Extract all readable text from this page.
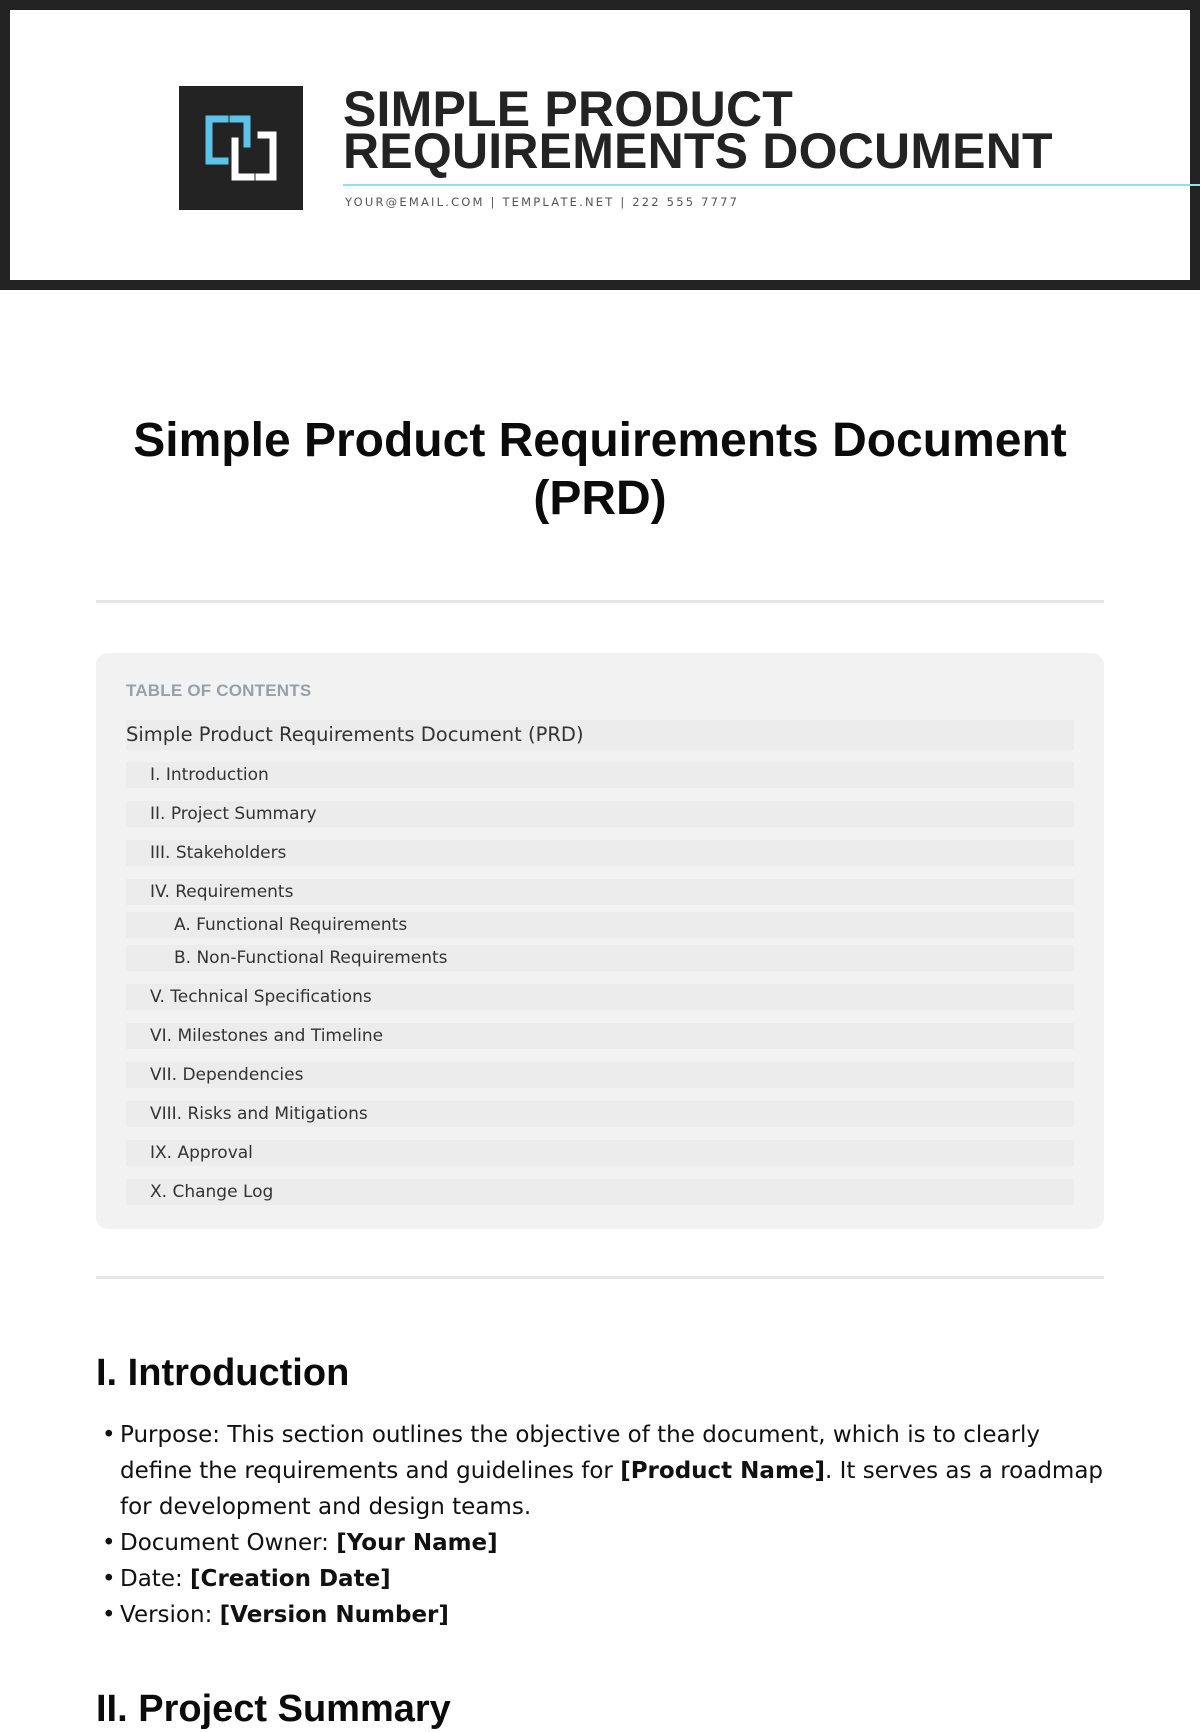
SIMPLE PRODUCT
REQUIREMENTS DOCUMENT
YOUR@EMAIL.COM | TEMPLATE.NET | 222 555 7777
Simple Product Requirements Document (PRD)
TABLE OF CONTENTS
Simple Product Requirements Document (PRD)
I. Introduction
II. Project Summary
III. Stakeholders
IV. Requirements
A. Functional Requirements
B. Non-Functional Requirements
V. Technical Specifications
VI. Milestones and Timeline
VII. Dependencies
VIII. Risks and Mitigations
IX. Approval
X. Change Log
I. Introduction
• Purpose: This section outlines the objective of the document, which is to clearly define the requirements and guidelines for [Product Name]. It serves as a roadmap for development and design teams.
• Document Owner: [Your Name]
• Date: [Creation Date]
• Version: [Version Number]
II. Project Summary
